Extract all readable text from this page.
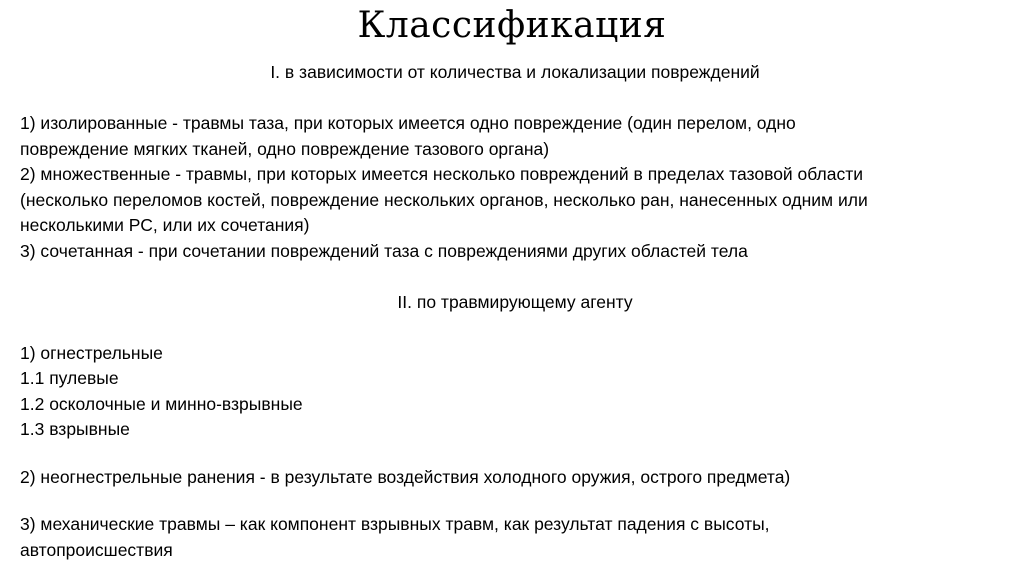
Классификация
I. в зависимости от количества и локализации повреждений
1) изолированные - травмы таза, при которых имеется одно повреждение (один перелом, одно
повреждение мягких тканей, одно повреждение тазового органа)
2) множественные - травмы, при которых имеется несколько повреждений в пределах тазовой области
(несколько переломов костей, повреждение нескольких органов, несколько ран, нанесенных одним или
несколькими РС, или их сочетания)
3) сочетанная - при сочетании повреждений таза с повреждениями других областей тела
II. по травмирующему агенту
1) огнестрельные
1.1 пулевые
1.2 осколочные и минно-взрывные
1.3 взрывные
2) неогнестрельные ранения - в результате воздействия холодного оружия, острого предмета)
3) механические травмы – как компонент взрывных травм, как результат падения с высоты,
автопроисшествия
